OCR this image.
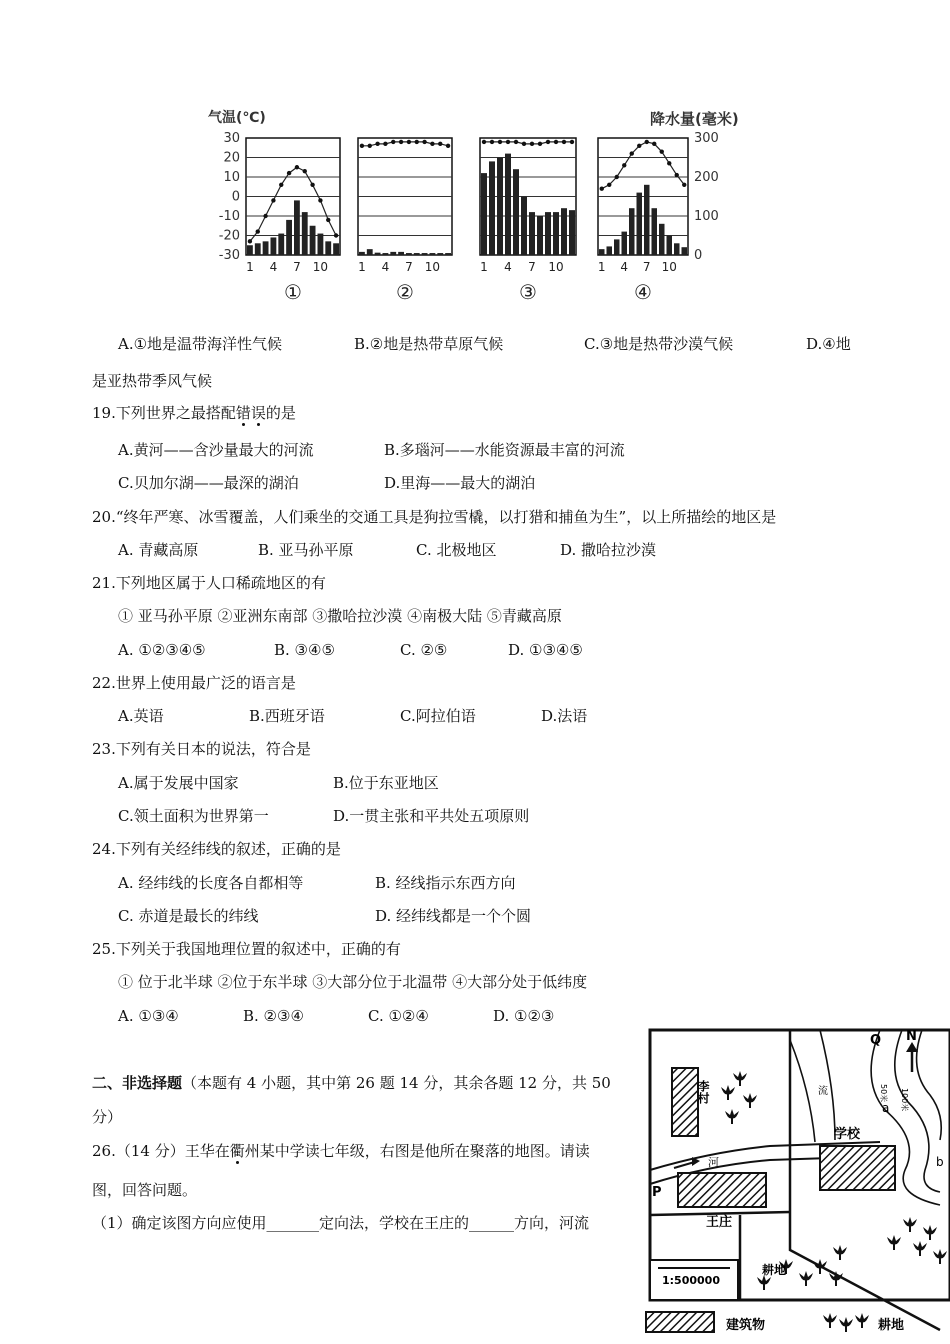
气温(℃)	降水量(毫米)
30
20
10
0
-10
-20
-30
300
200
100
0
1 4 7 10
①
1 4 7 10
②
1 4 7 10
③
1 4 7 10
④
A.①地是温带海洋性气候	B.②地是热带草原气候	C.③地是热带沙漠气候	D.④地
是亚热带季风气候
19.下列世界之最搭配错误的是
A.黄河——含沙量最大的河流	B.多瑙河——水能资源最丰富的河流
C.贝加尔湖——最深的湖泊	D.里海——最大的湖泊
20.“终年严寒、冰雪覆盖，人们乘坐的交通工具是狗拉雪橇，以打猎和捕鱼为生”，以上所描绘的地区是
A. 青藏高原	B. 亚马孙平原	C. 北极地区	D. 撒哈拉沙漠
21.下列地区属于人口稀疏地区的有
① 亚马孙平原 ②亚洲东南部 ③撒哈拉沙漠 ④南极大陆 ⑤青藏高原
A. ①②③④⑤	B. ③④⑤	C. ②⑤	D. ①③④⑤
22.世界上使用最广泛的语言是
A.英语	B.西班牙语	C.阿拉伯语	D.法语
23.下列有关日本的说法，符合是
A.属于发展中国家	B.位于东亚地区
C.领土面积为世界第一	D.一贯主张和平共处五项原则
24.下列有关经纬线的叙述，正确的是
A. 经纬线的长度各自都相等	B. 经线指示东西方向
C. 赤道是最长的纬线	D. 经纬线都是一个个圆
25.下列关于我国地理位置的叙述中，正确的有
① 位于北半球 ②位于东半球 ③大部分位于北温带 ④大部分处于低纬度
A. ①③④	B. ②③④	C. ①②④	D. ①②③
二、非选择题（本题有 4 小题，其中第 26 题 14 分，其余各题 12 分，共 50
分）
26.（14 分）王华在衢州某中学读七年级，右图是他所在聚落的地图。请读
图，回答问题。
（1）确定该图方向应使用_______定向法，学校在王庄的______方向，河流
N
Q
P
a
b
50米 100米
李村
学校
王庄
河
流
耕地
1:500000
建筑物	耕地
